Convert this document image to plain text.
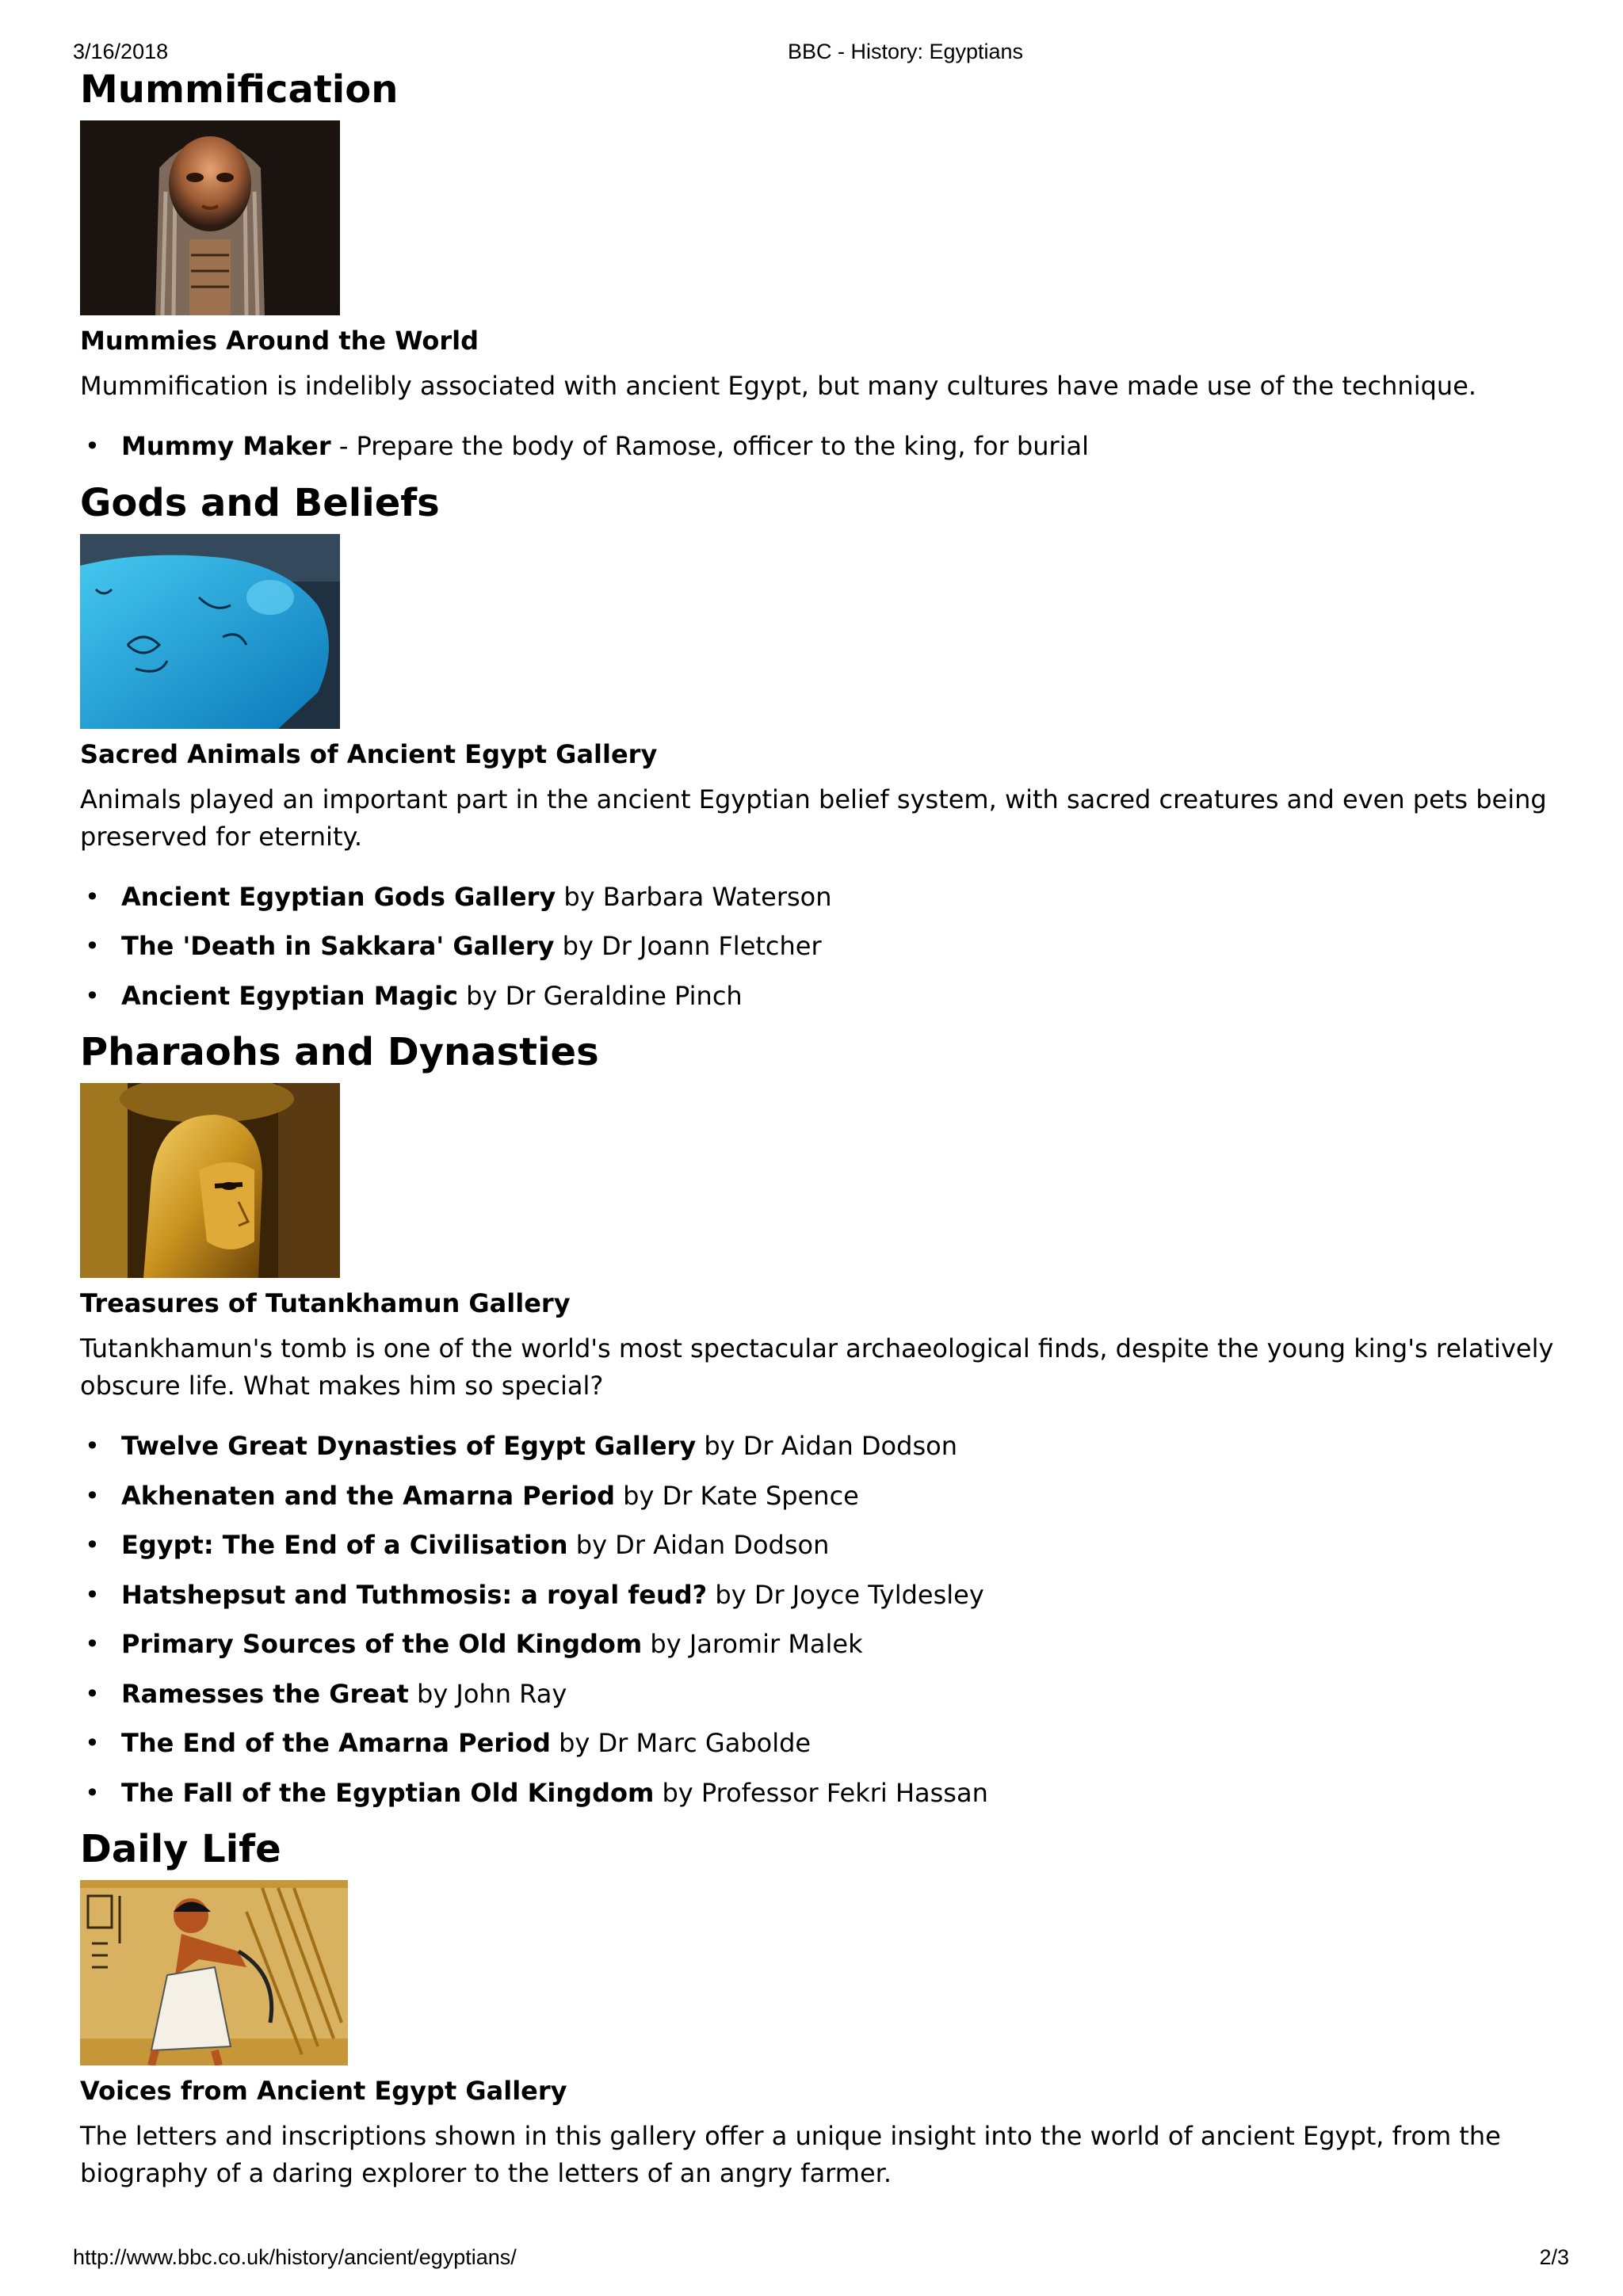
3/16/2018	BBC - History: Egyptians
Mummification
Mummies Around the World

Mummification is indelibly associated with ancient Egypt, but many cultures have made use of the technique.

• Mummy Maker - Prepare the body of Ramose, officer to the king, for burial
Gods and Beliefs
Sacred Animals of Ancient Egypt Gallery

Animals played an important part in the ancient Egyptian belief system, with sacred creatures and even pets being preserved for eternity.

• Ancient Egyptian Gods Gallery by Barbara Waterson
• The 'Death in Sakkara' Gallery by Dr Joann Fletcher
• Ancient Egyptian Magic by Dr Geraldine Pinch
Pharaohs and Dynasties
Treasures of Tutankhamun Gallery

Tutankhamun's tomb is one of the world's most spectacular archaeological finds, despite the young king's relatively obscure life. What makes him so special?

• Twelve Great Dynasties of Egypt Gallery by Dr Aidan Dodson
• Akhenaten and the Amarna Period by Dr Kate Spence
• Egypt: The End of a Civilisation by Dr Aidan Dodson
• Hatshepsut and Tuthmosis: a royal feud? by Dr Joyce Tyldesley
• Primary Sources of the Old Kingdom by Jaromir Malek
• Ramesses the Great by John Ray
• The End of the Amarna Period by Dr Marc Gabolde
• The Fall of the Egyptian Old Kingdom by Professor Fekri Hassan
Daily Life
Voices from Ancient Egypt Gallery

The letters and inscriptions shown in this gallery offer a unique insight into the world of ancient Egypt, from the biography of a daring explorer to the letters of an angry farmer.

http://www.bbc.co.uk/history/ancient/egyptians/	2/3
